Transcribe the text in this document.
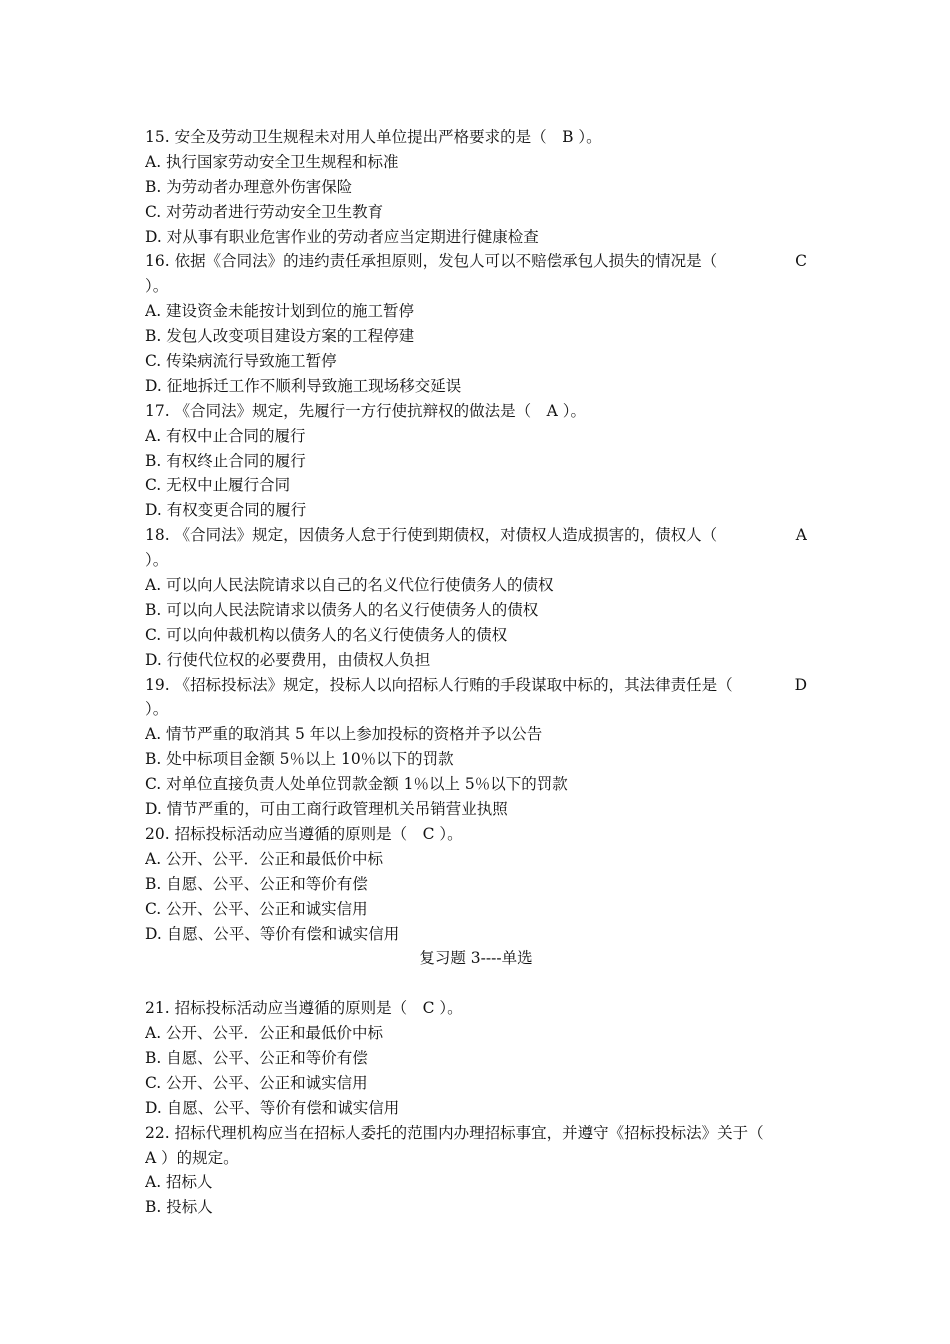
15. 安全及劳动卫生规程未对用人单位提出严格要求的是（　B ）。
A. 执行国家劳动安全卫生规程和标准
B. 为劳动者办理意外伤害保险
C. 对劳动者进行劳动安全卫生教育
D. 对从事有职业危害作业的劳动者应当定期进行健康检查
16. 依据《合同法》的违约责任承担原则，发包人可以不赔偿承包人损失的情况是（	C
）。
A. 建设资金未能按计划到位的施工暂停
B. 发包人改变项目建设方案的工程停建
C. 传染病流行导致施工暂停
D. 征地拆迁工作不顺利导致施工现场移交延误
17. 《合同法》规定，先履行一方行使抗辩权的做法是（　A ）。
A. 有权中止合同的履行
B. 有权终止合同的履行
C. 无权中止履行合同
D. 有权变更合同的履行
18. 《合同法》规定，因债务人怠于行使到期债权，对债权人造成损害的，债权人（	A
）。
A. 可以向人民法院请求以自己的名义代位行使债务人的债权
B. 可以向人民法院请求以债务人的名义行使债务人的债权
C. 可以向仲裁机构以债务人的名义行使债务人的债权
D. 行使代位权的必要费用，由债权人负担
19. 《招标投标法》规定，投标人以向招标人行贿的手段谋取中标的，其法律责任是（	D
）。
A. 情节严重的取消其 5 年以上参加投标的资格并予以公告
B. 处中标项目金额 5％以上 10％以下的罚款
C. 对单位直接负责人处单位罚款金额 1％以上 5％以下的罚款
D. 情节严重的，可由工商行政管理机关吊销营业执照
20. 招标投标活动应当遵循的原则是（　C ）。
A. 公开、公平．公正和最低价中标
B. 自愿、公平、公正和等价有偿
C. 公开、公平、公正和诚实信用
D. 自愿、公平、等价有偿和诚实信用
复习题 3----单选
21. 招标投标活动应当遵循的原则是（　C ）。
A. 公开、公平．公正和最低价中标
B. 自愿、公平、公正和等价有偿
C. 公开、公平、公正和诚实信用
D. 自愿、公平、等价有偿和诚实信用
22. 招标代理机构应当在招标人委托的范围内办理招标事宜，并遵守《招标投标法》关于（
A ）的规定。
A. 招标人
B. 投标人
